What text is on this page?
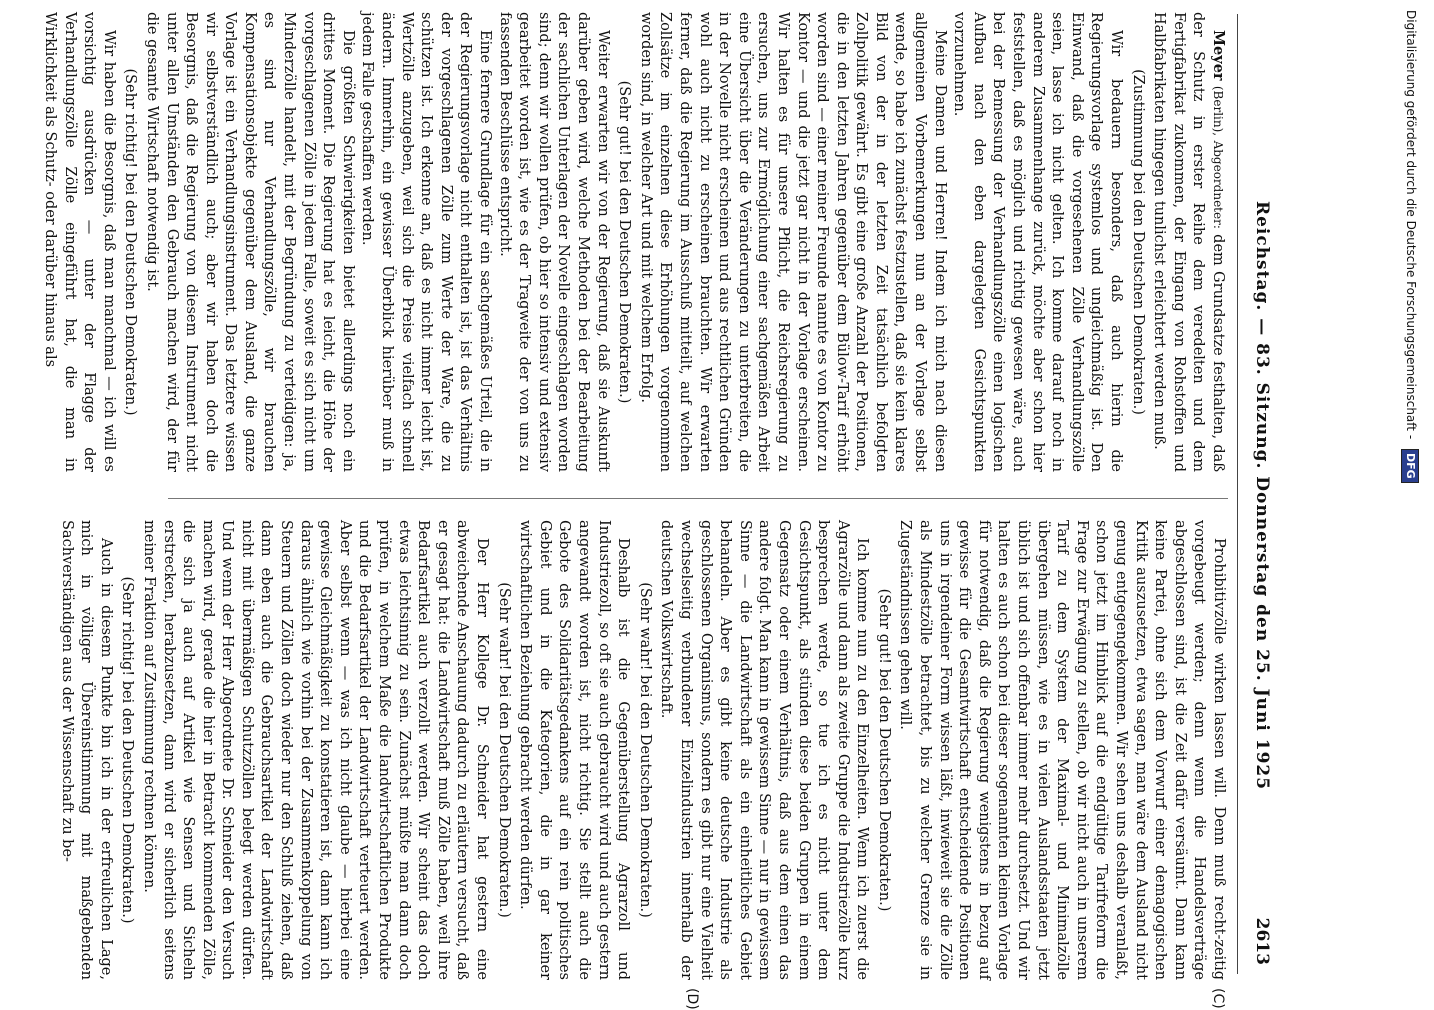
Reichstag. — 83. Sitzung. Donnerstag den 25. Juni 1925
2613
(C)
(D)

Meyer (Berlin), Abgeordneter: dem Grundsatze festhalten, daß der Schutz in erster Reihe dem veredelten und dem Fertigfabrikat zukommen, der Eingang von Rohstoffen und Halbfabrikaten hingegen tunlichst erleichtert werden muß.

(Zustimmung bei den Deutschen Demokraten.)

Wir bedauern besonders, daß auch hierin die Regierungsvorlage systemlos und ungleichmäßig ist. Den Einwand, daß die vorgesehenen Zölle Verhandlungszölle seien, lasse ich nicht gelten. Ich komme darauf noch in anderem Zusammenhange zurück, möchte aber schon hier feststellen, daß es möglich und richtig gewesen wäre, auch bei der Bemessung der Verhandlungszölle einen logischen Aufbau nach den eben dargelegten Gesichtspunkten vorzunehmen.

Meine Damen und Herren! Indem ich mich nach diesen allgemeinen Vorbemerkungen nun an der Vorlage selbst wende, so habe ich zunächst festzustellen, daß sie kein klares Bild von der in der letzten Zeit tatsächlich befolgten Zollpolitik gewährt. Es gibt eine große Anzahl der Positionen, die in den letzten Jahren gegenüber dem Bülow-Tarif erhöht worden sind — einer meiner Freunde nannte es von Kontor zu Kontor — und die jetzt gar nicht in der Vorlage erscheinen. Wir halten es für unsere Pflicht, die Reichsregierung zu ersuchen, uns zur Ermöglichung einer sachgemäßen Arbeit eine Übersicht über die Veränderungen zu unterbreiten, die in der Novelle nicht erscheinen und aus rechtlichen Gründen wohl auch nicht zu erscheinen brauchten. Wir erwarten ferner, daß die Regierung im Ausschuß mitteilt, auf welchen Zollsätze im einzelnen diese Erhöhungen vorgenommen worden sind, in welcher Art und mit welchem Erfolg.

(Sehr gut! bei den Deutschen Demokraten.)

Weiter erwarten wir von der Regierung, daß sie Auskunft darüber geben wird, welche Methoden bei der Bearbeitung der sachlichen Unterlagen der Novelle eingeschlagen worden sind; denn wir wollen prüfen, ob hier so intensiv und extensiv gearbeitet worden ist, wie es der Tragweite der von uns zu fassenden Beschlüsse entspricht.

Eine fernere Grundlage für ein sachgemäßes Urteil, die in der Regierungsvorlage nicht enthalten ist, ist das Verhältnis der vorgeschlagenen Zölle zum Werte der Ware, die zu schützen ist. Ich erkenne an, daß es nicht immer leicht ist, Wertzölle anzugeben, weil sich die Preise vielfach schnell ändern. Immerhin, ein gewisser Überblick hierüber muß in jedem Falle geschaffen werden.

Die größten Schwierigkeiten bietet allerdings noch ein drittes Moment. Die Regierung hat es leicht, die Höhe der vorgeschlagenen Zölle in jedem Falle, soweit es sich nicht um Minderzölle handelt, mit der Begründung zu verteidigen: ja, es sind nur Verhandlungszölle, wir brauchen Kompensationsobjekte gegenüber dem Ausland, die ganze Vorlage ist ein Verhandlungsinstrument. Das letztere wissen wir selbstverständlich auch; aber wir haben doch die Besorgnis, daß die Regierung von diesem Instrument nicht unter allen Umständen den Gebrauch machen wird, der für die gesamte Wirtschaft notwendig ist.

(Sehr richtig! bei den Deutschen Demokraten.)

Wir haben die Besorgnis, daß man manchmal — ich will es vorsichtig ausdrücken — unter der Flagge der Verhandlungszölle Zölle eingeführt hat, die man in Wirklichkeit als Schutz- oder darüber hinaus als

Prohibitivzölle wirken lassen will. Denn muß recht-zeitig vorgebeugt werden; denn wenn die Handelsverträge abgeschlossen sind, ist die Zeit dafür versäumt. Dann kann keine Partei, ohne sich dem Vorwurf einer demagogischen Kritik auszusetzen, etwa sagen, man wäre dem Ausland nicht genug entgegengekommen. Wir sehen uns deshalb veranlaßt, schon jetzt im Hinblick auf die endgültige Tarifreform die Frage zur Erwägung zu stellen, ob wir nicht auch in unserem Tarif zu dem System der Maximal- und Minimalzölle übergehen müssen, wie es in vielen Auslandsstaaten jetzt üblich ist und sich offenbar immer mehr durchsetzt. Und wir halten es auch schon bei dieser sogenannten kleinen Vorlage für notwendig, daß die Regierung wenigstens in bezug auf gewisse für die Gesamtwirtschaft entscheidende Positionen uns in irgendeiner Form wissen läßt, inwieweit sie die Zölle als Mindestzölle betrachtet, bis zu welcher Grenze sie in Zugeständnissen gehen will.

(Sehr gut! bei den Deutschen Demokraten.)

Ich komme nun zu den Einzelheiten. Wenn ich zuerst die Agrarzölle und dann als zweite Gruppe die Industriezölle kurz besprechen werde, so tue ich es nicht unter dem Gesichtspunkt, als stünden diese beiden Gruppen in einem Gegensatz oder einem Verhältnis, daß aus dem einen das andere folgt. Man kann in gewissem Sinne — nur in gewissem Sinne — die Landwirtschaft als ein einheitliches Gebiet behandeln. Aber es gibt keine deutsche Industrie als geschlossenen Organismus, sondern es gibt nur eine Vielheit wechselseitig verbundener Einzelindustrien innerhalb der deutschen Volkswirtschaft.

(Sehr wahr! bei den Deutschen Demokraten.)

Deshalb ist die Gegenüberstellung Agrarzoll und Industriezoll, so oft sie auch gebraucht wird und auch gestern angewandt worden ist, nicht richtig. Sie stellt auch die Gebote des Solidaritätsgedankens auf ein rein politisches Gebiet und in die Kategorien, die in gar keiner wirtschaftlichen Beziehung gebracht werden dürfen.

(Sehr wahr! bei den Deutschen Demokraten.)

Der Herr Kollege Dr. Schneider hat gestern eine abweichende Anschauung dadurch zu erläutern versucht, daß er gesagt hat: die Landwirtschaft muß Zölle haben, weil ihre Bedarfsartikel auch verzollt werden. Wir scheint das doch etwas leichtsinnig zu sein. Zunächst müßte man dann doch prüfen, in welchem Maße die landwirtschaftlichen Produkte und die Bedarfsartikel der Landwirtschaft verteuert werden. Aber selbst wenn — was ich nicht glaube — hierbei eine gewisse Gleichmäßigkeit zu konstatieren ist, dann kann ich daraus ähnlich wie vorhin bei der Zusammenkoppelung von Steuern und Zöllen doch wieder nur den Schluß ziehen, daß dann eben auch die Gebrauchsartikel der Landwirtschaft nicht mit übermäßigen Schutzzöllen belegt werden dürfen. Und wenn der Herr Abgeordnete Dr. Schneider den Versuch machen wird, gerade die hier in Betracht kommenden Zölle, die sich ja auch auf Artikel wie Sensen und Sicheln erstrecken, herabzusetzen, dann wird er sicherlich seitens meiner Fraktion auf Zustimmung rechnen können.

(Sehr richtig! bei den Deutschen Demokraten.)

Auch in diesem Punkte bin ich in der erfreulichen Lage, mich in völliger Übereinstimmung mit maßgebenden Sachverständigen aus der Wissenschaft zu be-

Digitalisierung gefördert durch die Deutsche Forschungsgemeinschaft - DFG
